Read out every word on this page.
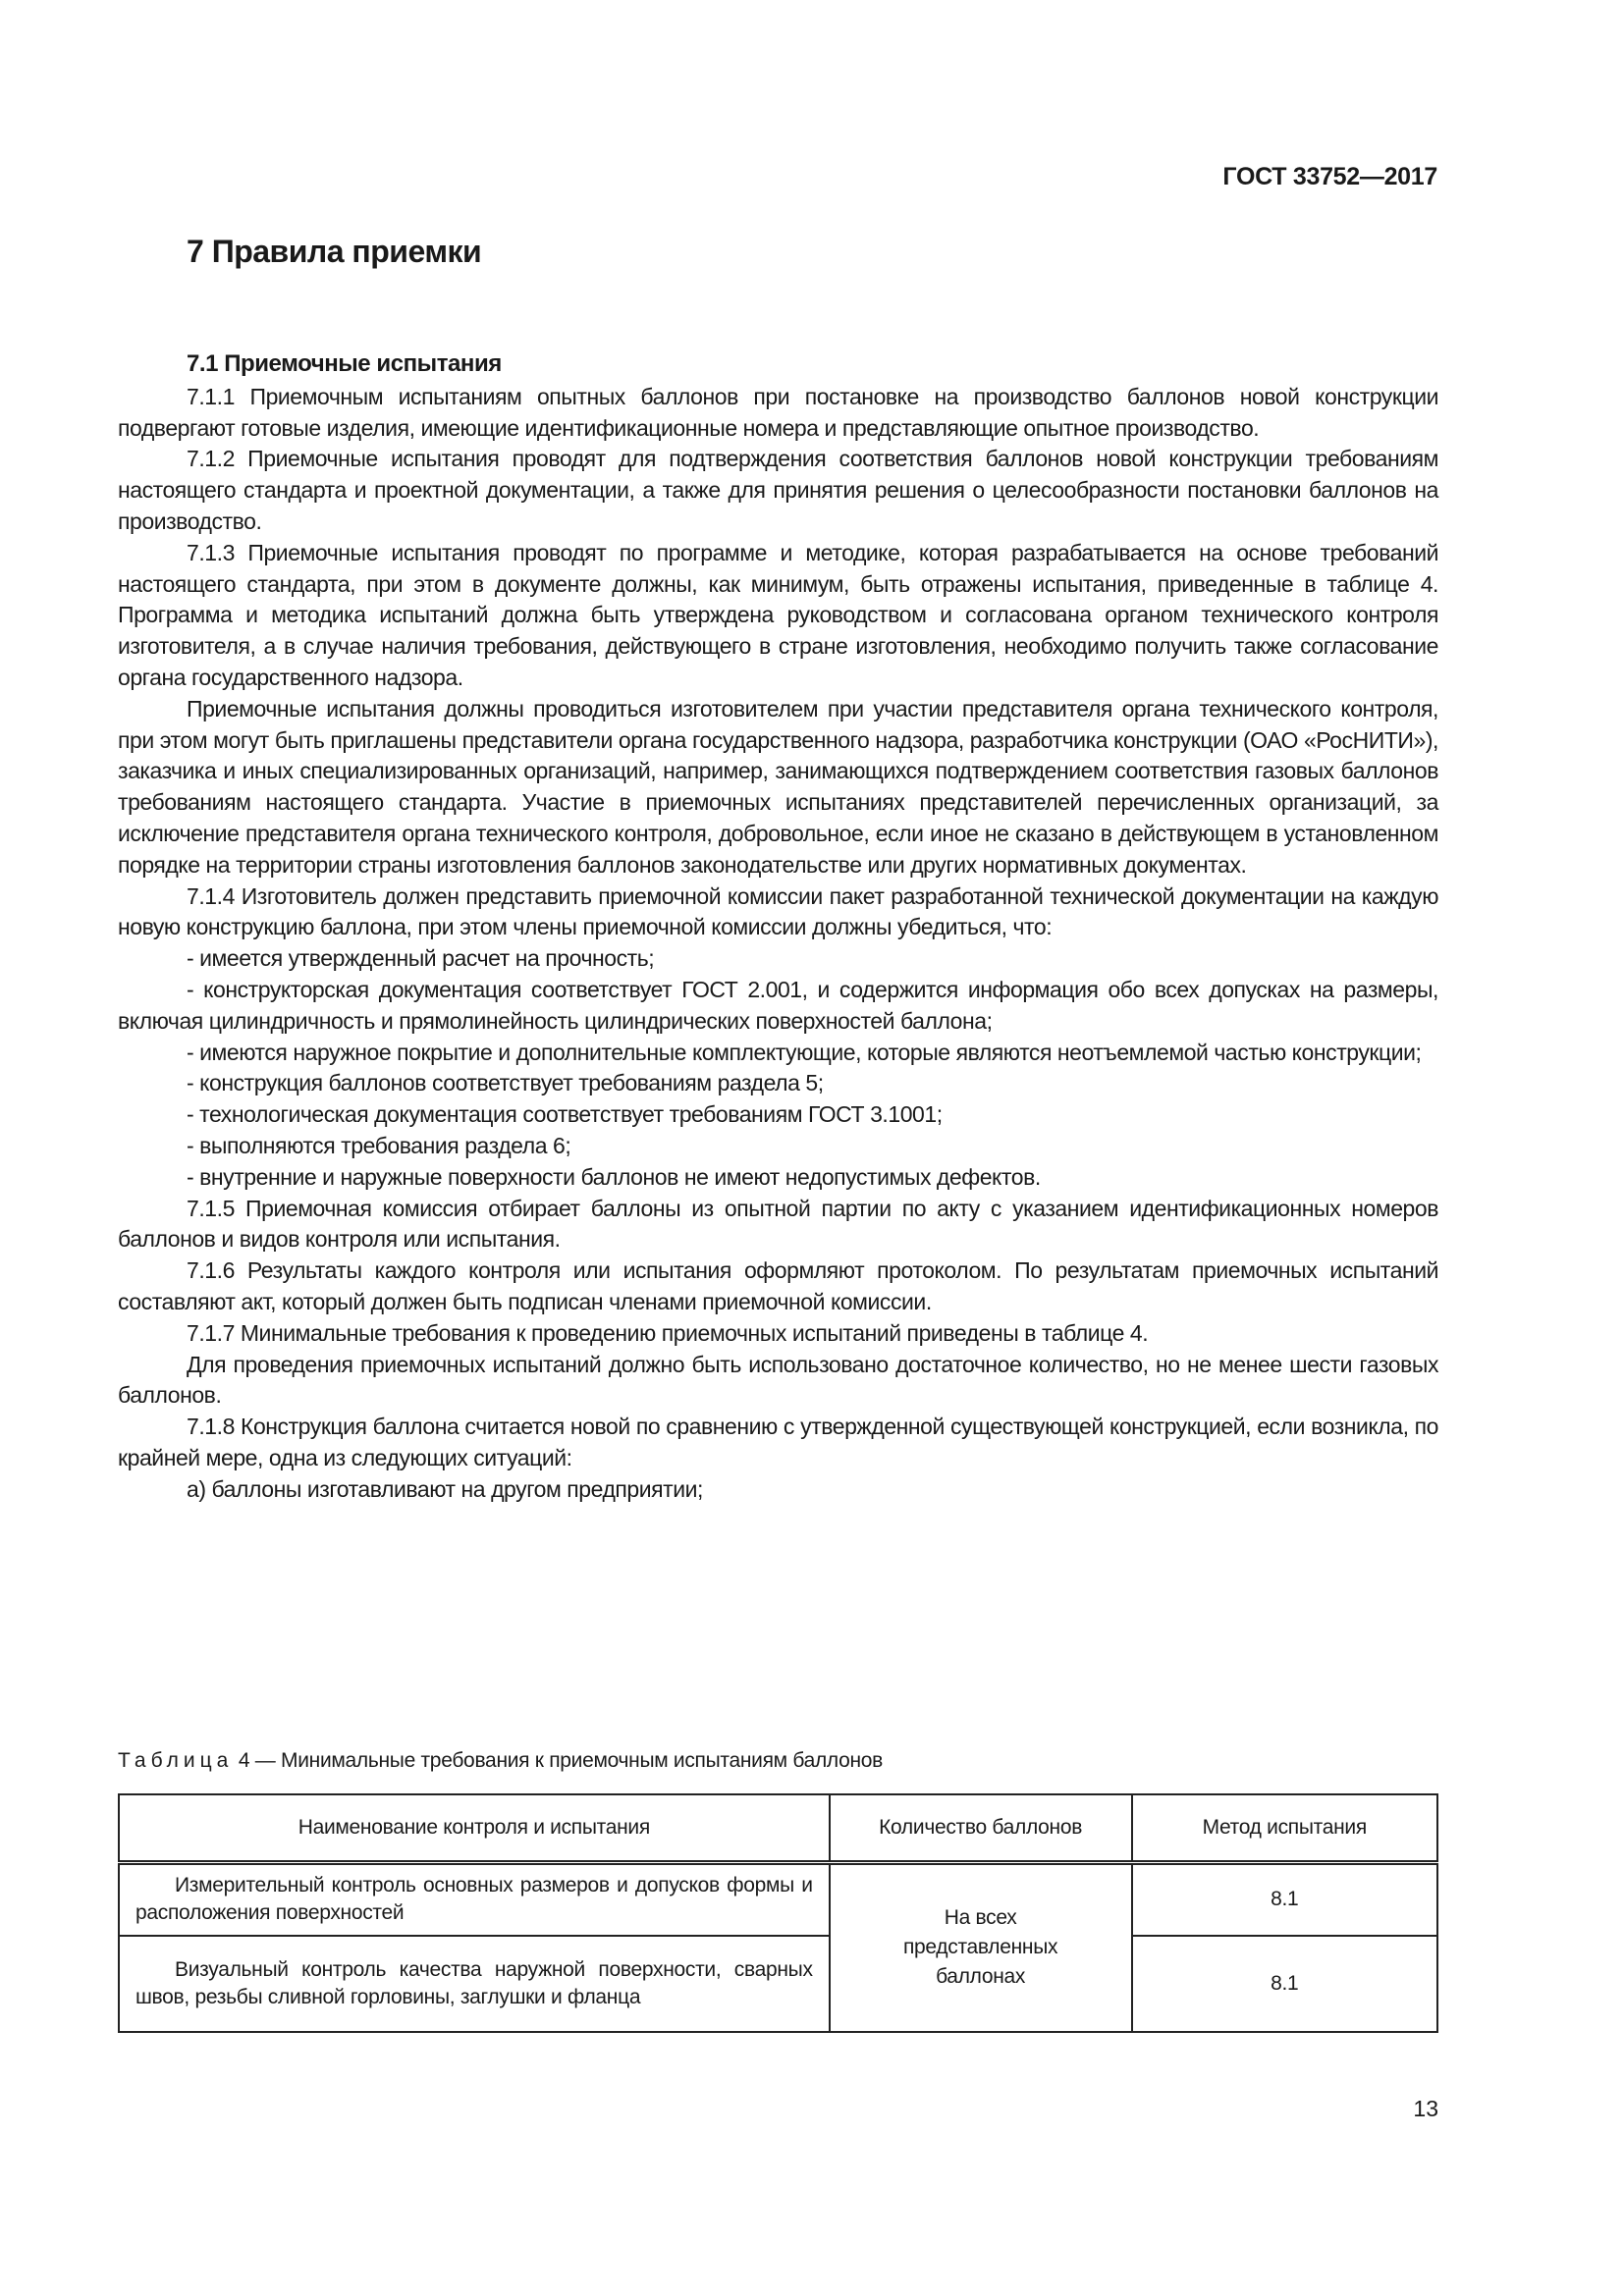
ГОСТ 33752—2017
7 Правила приемки
7.1 Приемочные испытания

7.1.1 Приемочным испытаниям опытных баллонов при постановке на производство баллонов новой конструкции подвергают готовые изделия, имеющие идентификационные номера и представляющие опытное производство.

7.1.2 Приемочные испытания проводят для подтверждения соответствия баллонов новой конструкции требованиям настоящего стандарта и проектной документации, а также для принятия решения о целесообразности постановки баллонов на производство.

7.1.3 Приемочные испытания проводят по программе и методике, которая разрабатывается на основе требований настоящего стандарта, при этом в документе должны, как минимум, быть отражены испытания, приведенные в таблице 4. Программа и методика испытаний должна быть утверждена руководством и согласована органом технического контроля изготовителя, а в случае наличия требования, действующего в стране изготовления, необходимо получить также согласование органа государственного надзора.

Приемочные испытания должны проводиться изготовителем при участии представителя органа технического контроля, при этом могут быть приглашены представители органа государственного надзора, разработчика конструкции (ОАО «РосНИТИ»), заказчика и иных специализированных организаций, например, занимающихся подтверждением соответствия газовых баллонов требованиям настоящего стандарта. Участие в приемочных испытаниях представителей перечисленных организаций, за исключение представителя органа технического контроля, добровольное, если иное не сказано в действующем в установленном порядке на территории страны изготовления баллонов законодательстве или других нормативных документах.

7.1.4 Изготовитель должен представить приемочной комиссии пакет разработанной технической документации на каждую новую конструкцию баллона, при этом члены приемочной комиссии должны убедиться, что:

- имеется утвержденный расчет на прочность;

- конструкторская документация соответствует ГОСТ 2.001, и содержится информация обо всех допусках на размеры, включая цилиндричность и прямолинейность цилиндрических поверхностей баллона;

- имеются наружное покрытие и дополнительные комплектующие, которые являются неотъемлемой частью конструкции;

- конструкция баллонов соответствует требованиям раздела 5;

- технологическая документация соответствует требованиям ГОСТ 3.1001;

- выполняются требования раздела 6;

- внутренние и наружные поверхности баллонов не имеют недопустимых дефектов.

7.1.5 Приемочная комиссия отбирает баллоны из опытной партии по акту с указанием идентификационных номеров баллонов и видов контроля или испытания.

7.1.6 Результаты каждого контроля или испытания оформляют протоколом. По результатам приемочных испытаний составляют акт, который должен быть подписан членами приемочной комиссии.

7.1.7 Минимальные требования к проведению приемочных испытаний приведены в таблице 4.

Для проведения приемочных испытаний должно быть использовано достаточное количество, но не менее шести газовых баллонов.

7.1.8 Конструкция баллона считается новой по сравнению с утвержденной существующей конструкцией, если возникла, по крайней мере, одна из следующих ситуаций:

а) баллоны изготавливают на другом предприятии;

Таблица 4 — Минимальные требования к приемочным испытаниям баллонов
Наименование контроля и испытания	Количество баллонов	Метод испытания
Измерительный контроль основных размеров и допусков формы и расположения поверхностей	На всех представленных баллонах	8.1
Визуальный контроль качества наружной поверхности, сварных швов, резьбы сливной горловины, заглушки и фланца		8.1
13
